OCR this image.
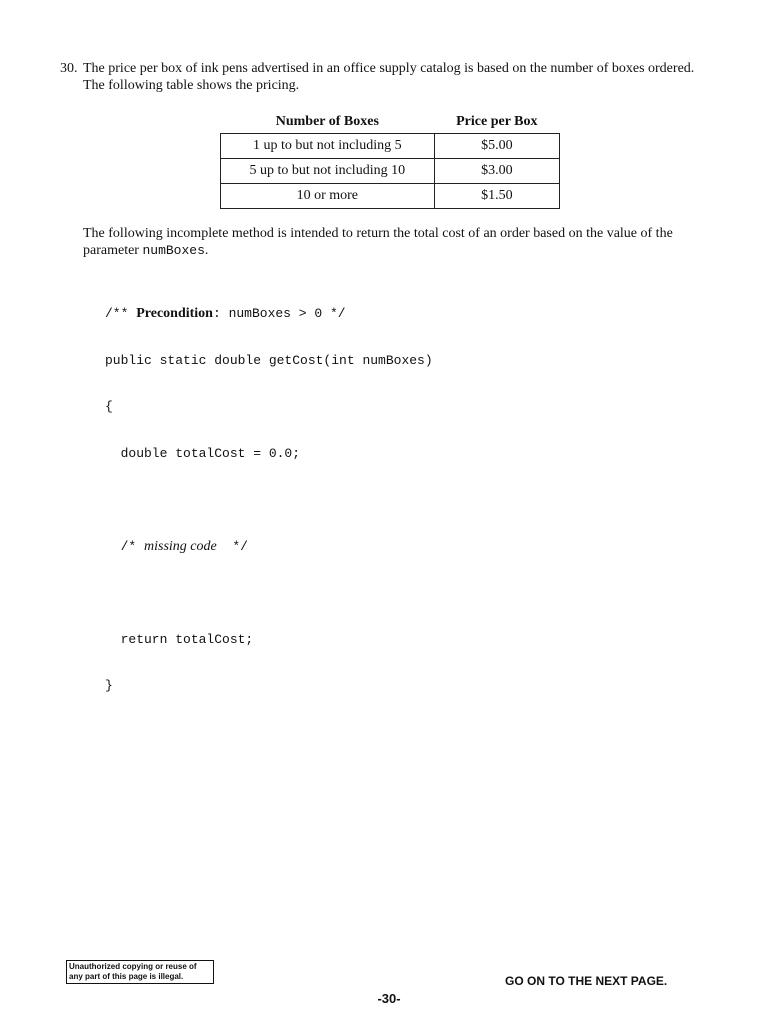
30. The price per box of ink pens advertised in an office supply catalog is based on the number of boxes ordered.
The following table shows the pricing.
Number of Boxes	Price per Box
1 up to but not including 5	$5.00
5 up to but not including 10	$3.00
10 or more	$1.50
The following incomplete method is intended to return the total cost of an order based on the value of the
parameter numBoxes.

/** Precondition: numBoxes > 0 */

public static double getCost(int numBoxes)

{

double totalCost = 0.0;

/* missing code  */

return totalCost;

}

Unauthorized copying or reuse of
any part of this page is illegal.	GO ON TO THE NEXT PAGE.
-30-
